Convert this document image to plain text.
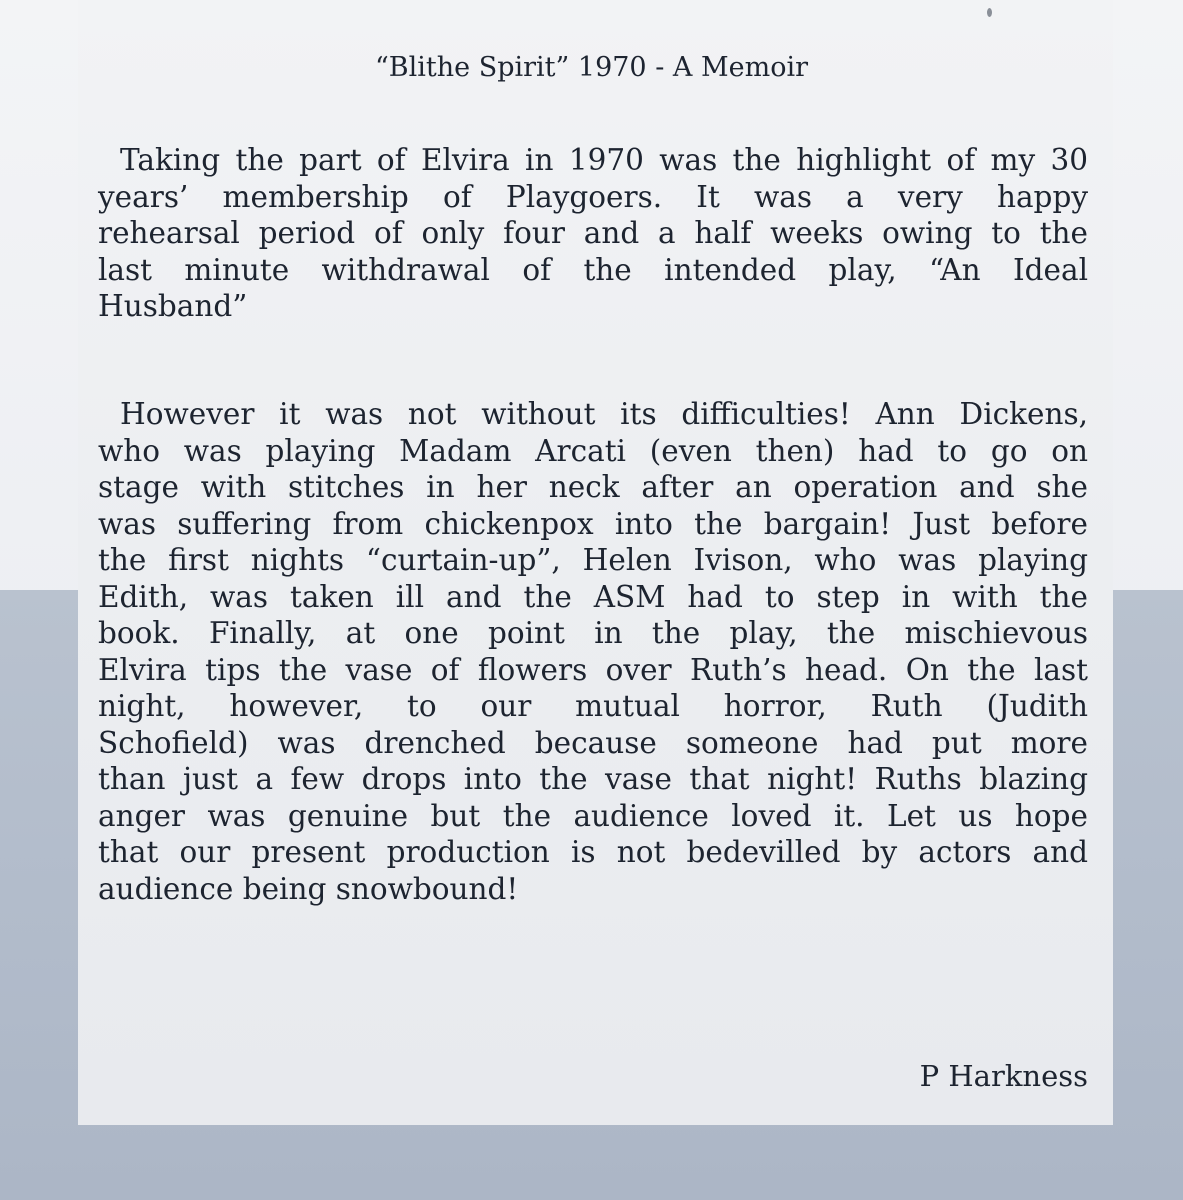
“Blithe Spirit” 1970 - A Memoir

Taking the part of Elvira in 1970 was the highlight of my 30
years’ membership of Playgoers. It was a very happy
rehearsal period of only four and a half weeks owing to the
last minute withdrawal of the intended play, “An Ideal
Husband”

However it was not without its difficulties! Ann Dickens,
who was playing Madam Arcati (even then) had to go on
stage with stitches in her neck after an operation and she
was suffering from chickenpox into the bargain! Just before
the first nights “curtain-up”, Helen Ivison, who was playing
Edith, was taken ill and the ASM had to step in with the
book. Finally, at one point in the play, the mischievous
Elvira tips the vase of flowers over Ruth’s head. On the last
night, however, to our mutual horror, Ruth (Judith
Schofield) was drenched because someone had put more
than just a few drops into the vase that night! Ruths blazing
anger was genuine but the audience loved it. Let us hope
that our present production is not bedevilled by actors and
audience being snowbound!

P Harkness
